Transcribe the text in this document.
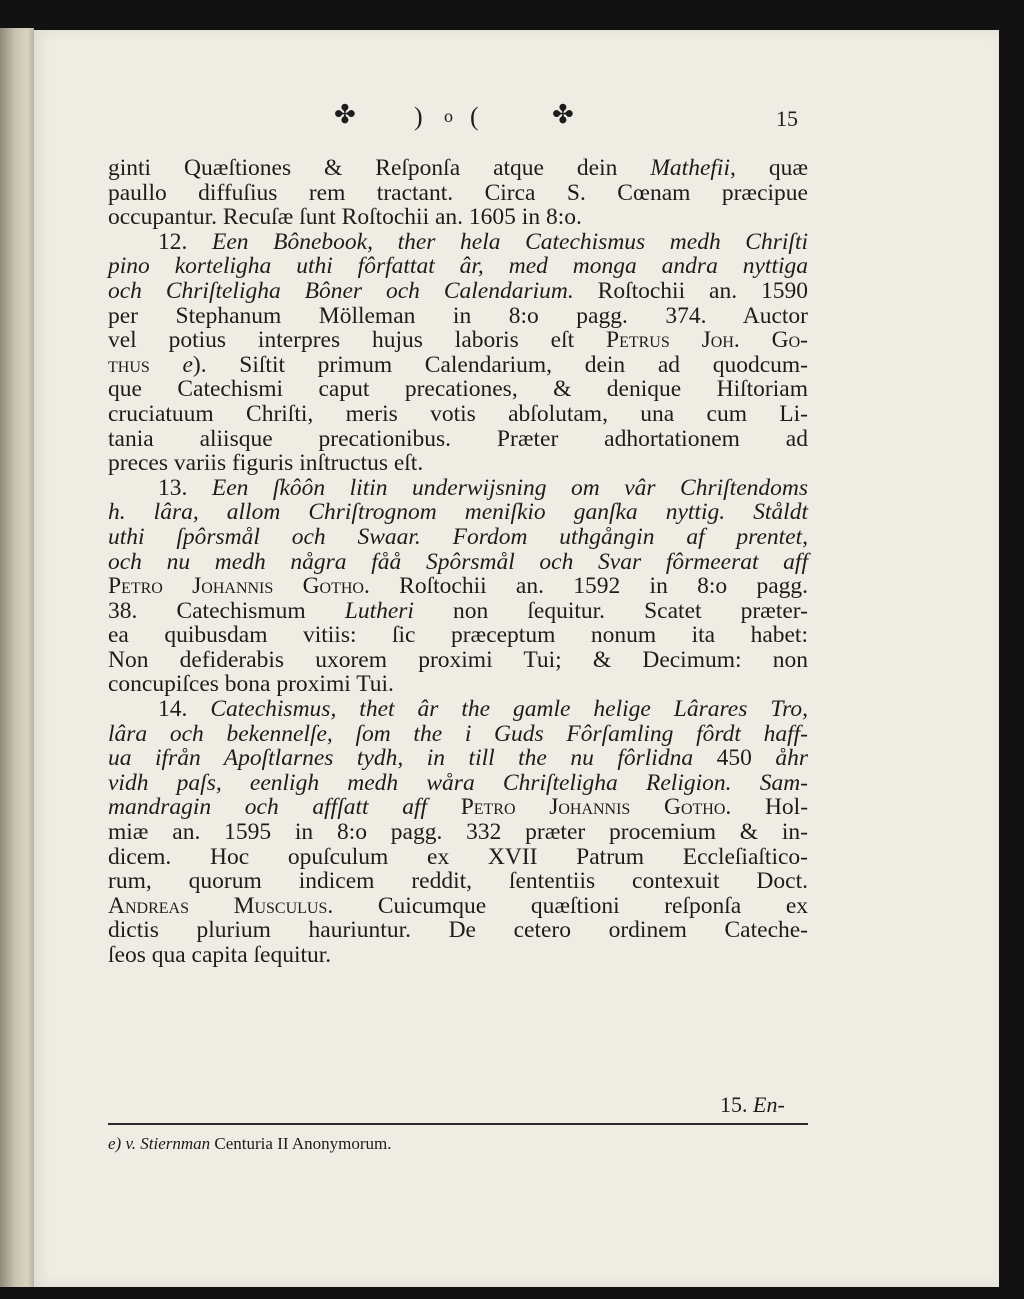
✤ ) o (	✤	15
ginti Quæſtiones & Reſponſa atque dein Mathefii, quæ
paullo diffuſius rem tractant. Circa S. Cœnam præcipue
occupantur. Recuſæ ſunt Roſtochii an. 1605 in 8:o.
12. Een Bônebook, ther hela Catechismus medh Chriſti
pino korteligha uthi fôrfattat âr, med monga andra nyttiga
och Chriſteligha Bôner och Calendarium. Roſtochii an. 1590
per Stephanum Mölleman in 8:o pagg. 374. Auctor
vel potius interpres hujus laboris eſt Petrus Joh. Go-
thus e). Siſtit primum Calendarium, dein ad quodcum-
que Catechismi caput precationes, & denique Hiſtoriam
cruciatuum Chriſti, meris votis abſolutam, una cum Li-
tania aliisque precationibus. Præter adhortationem ad
preces variis figuris inſtructus eſt.
13. Een ſkôôn litin underwijsning om vâr Chriſtendoms
h. lâra, allom Chriſtrognom meniſkio ganſka nyttig. Ståldt
uthi ſpôrsmål och Swaar. Fordom uthgångin af prentet,
och nu medh några fåå Spôrsmål och Svar fôrmeerat aff
Petro Johannis Gotho. Roſtochii an. 1592 in 8:o pagg.
38. Catechismum Lutheri non ſequitur. Scatet præter-
ea quibusdam vitiis: ſic præceptum nonum ita habet:
Non defiderabis uxorem proximi Tui; & Decimum: non
concupiſces bona proximi Tui.
14. Catechismus, thet âr the gamle helige Lârares Tro,
lâra och bekennelſe, ſom the i Guds Fôrſamling fôrdt haff-
ua ifrån Apoſtlarnes tydh, in till the nu fôrlidna 450 åhr
vidh paſs, eenligh medh wåra Chriſteligha Religion. Sam-
mandragin och affſatt aff Petro Johannis Gotho. Hol-
miæ an. 1595 in 8:o pagg. 332 præter procemium & in-
dicem. Hoc opuſculum ex XVII Patrum Eccleſiaſtico-
rum, quorum indicem reddit, ſententiis contexuit Doct.
Andreas Musculus. Cuicumque quæſtioni reſponſa ex
dictis plurium hauriuntur. De cetero ordinem Cateche-
ſeos qua capita ſequitur.
15. En-
e) v. Stiernman Centuria II Anonymorum.
